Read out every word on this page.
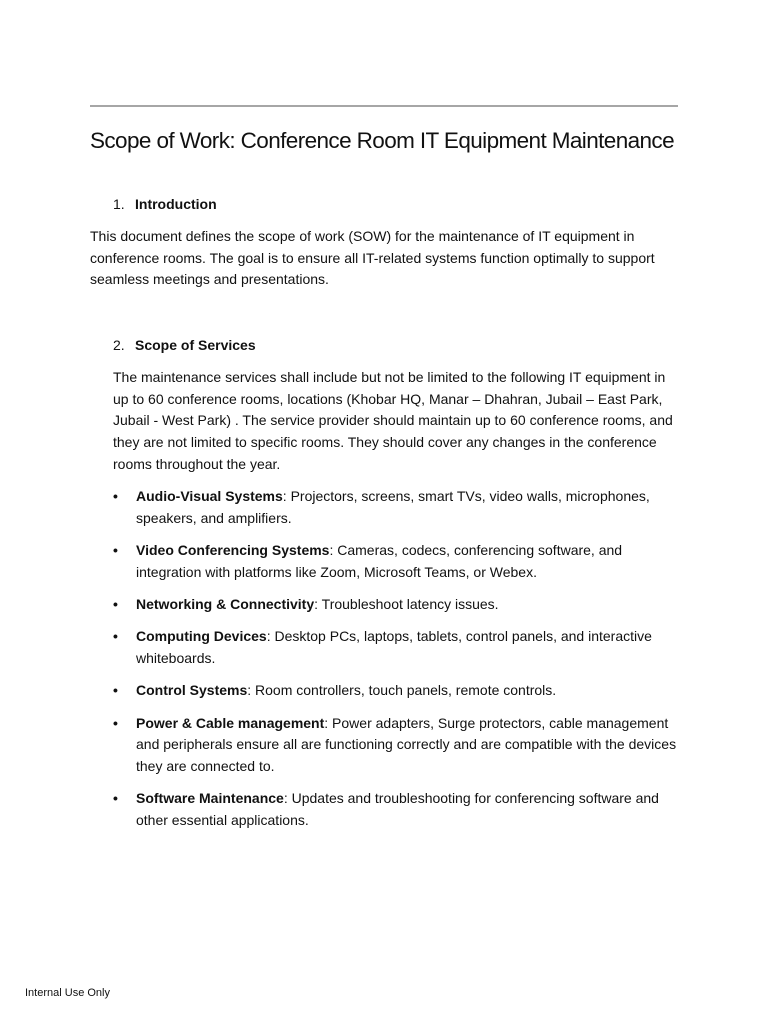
Scope of Work: Conference Room IT Equipment Maintenance
1. Introduction

This document defines the scope of work (SOW) for the maintenance of IT equipment in conference rooms. The goal is to ensure all IT-related systems function optimally to support seamless meetings and presentations.

2. Scope of Services

The maintenance services shall include but not be limited to the following IT equipment in up to 60 conference rooms, locations (Khobar HQ, Manar – Dhahran, Jubail – East Park, Jubail - West Park) . The service provider should maintain up to 60 conference rooms, and they are not limited to specific rooms. They should cover any changes in the conference rooms throughout the year.

•	Audio-Visual Systems: Projectors, screens, smart TVs, video walls, microphones, speakers, and amplifiers.
•	Video Conferencing Systems: Cameras, codecs, conferencing software, and integration with platforms like Zoom, Microsoft Teams, or Webex.
•	Networking & Connectivity: Troubleshoot latency issues.
•	Computing Devices: Desktop PCs, laptops, tablets, control panels, and interactive whiteboards.
•	Control Systems: Room controllers, touch panels, remote controls.
•	Power & Cable management: Power adapters, Surge protectors, cable management and peripherals ensure all are functioning correctly and are compatible with the devices they are connected to.
•	Software Maintenance: Updates and troubleshooting for conferencing software and other essential applications.
Internal Use Only
